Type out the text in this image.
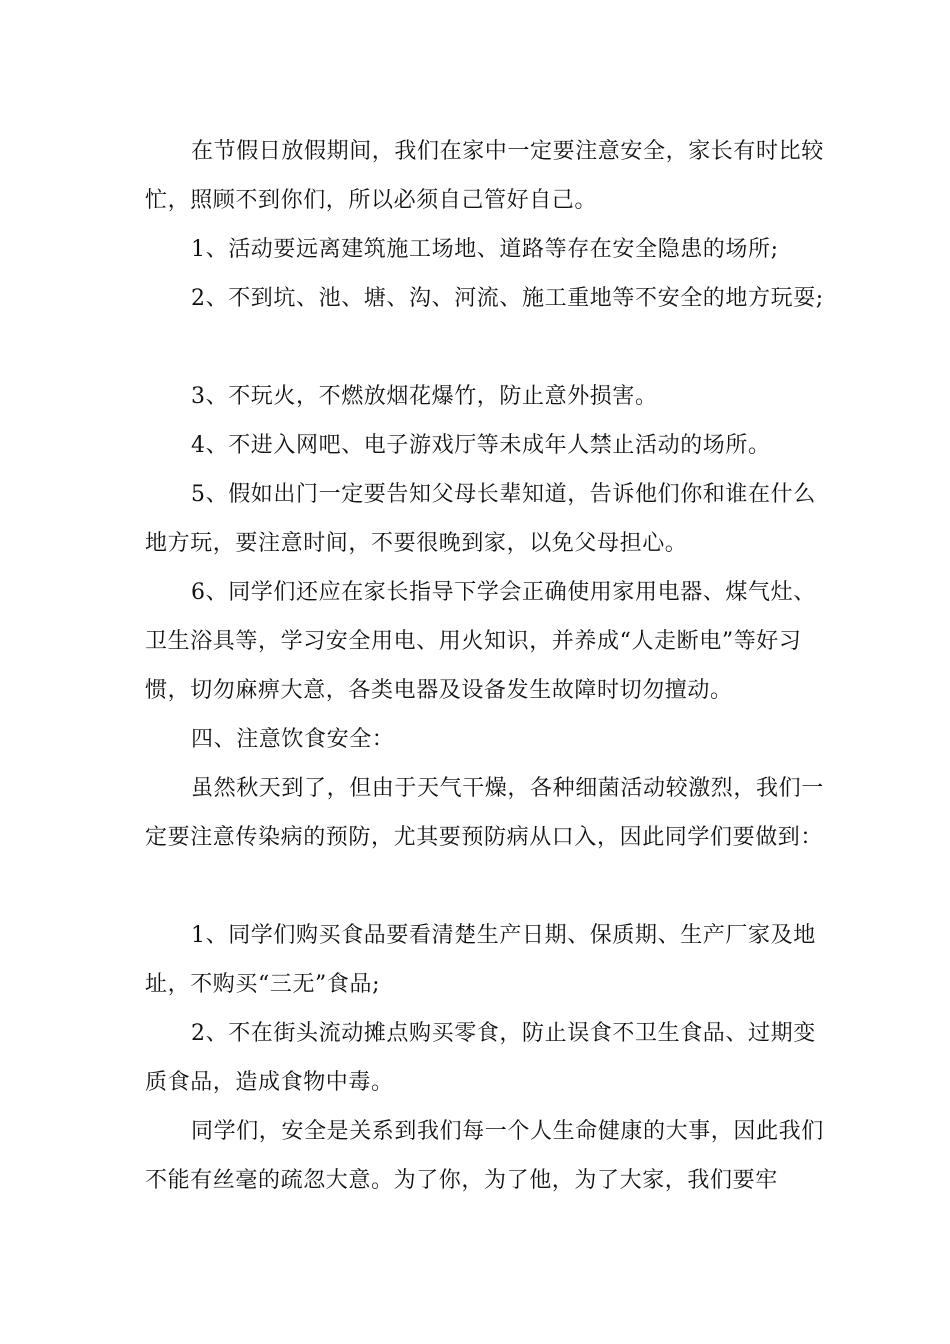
在节假日放假期间，我们在家中一定要注意安全，家长有时比较忙，照顾不到你们，所以必须自己管好自己。

1、活动要远离建筑施工场地、道路等存在安全隐患的场所;

2、不到坑、池、塘、沟、河流、施工重地等不安全的地方玩耍;

3、不玩火，不燃放烟花爆竹，防止意外损害。

4、不进入网吧、电子游戏厅等未成年人禁止活动的场所。

5、假如出门一定要告知父母长辈知道，告诉他们你和谁在什么地方玩，要注意时间，不要很晚到家，以免父母担心。

6、同学们还应在家长指导下学会正确使用家用电器、煤气灶、卫生浴具等，学习安全用电、用火知识，并养成“人走断电”等好习惯，切勿麻痹大意，各类电器及设备发生故障时切勿擅动。

四、注意饮食安全：

虽然秋天到了，但由于天气干燥，各种细菌活动较激烈，我们一定要注意传染病的预防，尤其要预防病从口入，因此同学们要做到：

1、同学们购买食品要看清楚生产日期、保质期、生产厂家及地址，不购买“三无”食品;

2、不在街头流动摊点购买零食，防止误食不卫生食品、过期变质食品，造成食物中毒。

同学们，安全是关系到我们每一个人生命健康的大事，因此我们不能有丝毫的疏忽大意。为了你，为了他，为了大家，我们要牢
